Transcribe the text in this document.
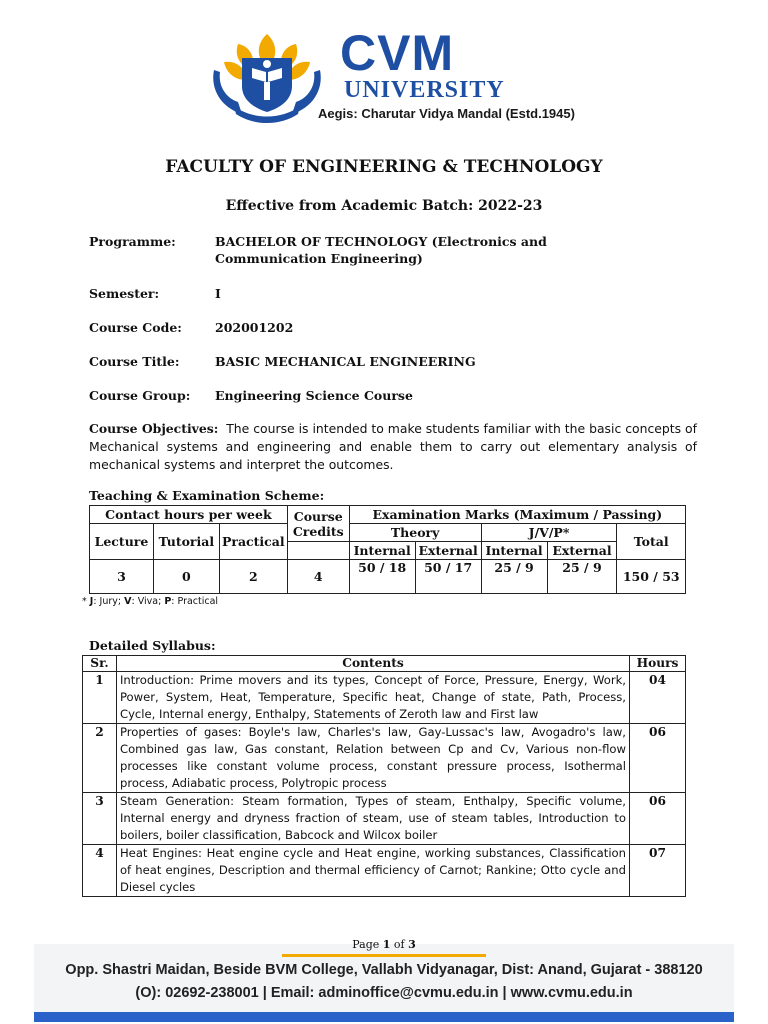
CVM
UNIVERSITY
Aegis: Charutar Vidya Mandal (Estd.1945)
FACULTY OF ENGINEERING & TECHNOLOGY
Effective from Academic Batch: 2022-23
Programme:	BACHELOR OF TECHNOLOGY (Electronics and Communication Engineering)
Semester:	I
Course Code:	202001202
Course Title:	BASIC MECHANICAL ENGINEERING
Course Group:	Engineering Science Course
Course Objectives: The course is intended to make students familiar with the basic concepts of Mechanical systems and engineering and enable them to carry out elementary analysis of mechanical systems and interpret the outcomes.
Teaching & Examination Scheme:
Contact hours per week			Course Credits	Examination Marks (Maximum / Passing)				
Lecture	Tutorial	Practical		Theory		J/V/P*		Total
				Internal	External	Internal	External	
3	0	2	4	50 / 18	50 / 17	25 / 9	25 / 9	150 / 53
* J: Jury; V: Viva; P: Practical
Detailed Syllabus:
Sr.	Contents	Hours
1	Introduction: Prime movers and its types, Concept of Force, Pressure, Energy, Work, Power, System, Heat, Temperature, Specific heat, Change of state, Path, Process, Cycle, Internal energy, Enthalpy, Statements of Zeroth law and First law	04
2	Properties of gases: Boyle's law, Charles's law, Gay-Lussac's law, Avogadro's law, Combined gas law, Gas constant, Relation between Cp and Cv, Various non-flow processes like constant volume process, constant pressure process, Isothermal process, Adiabatic process, Polytropic process	06
3	Steam Generation: Steam formation, Types of steam, Enthalpy, Specific volume, Internal energy and dryness fraction of steam, use of steam tables, Introduction to boilers, boiler classification, Babcock and Wilcox boiler	06
4	Heat Engines: Heat engine cycle and Heat engine, working substances, Classification of heat engines, Description and thermal efficiency of Carnot; Rankine; Otto cycle and Diesel cycles	07
Page 1 of 3
Opp. Shastri Maidan, Beside BVM College, Vallabh Vidyanagar, Dist: Anand, Gujarat - 388120
(O): 02692-238001 | Email: adminoffice@cvmu.edu.in | www.cvmu.edu.in
